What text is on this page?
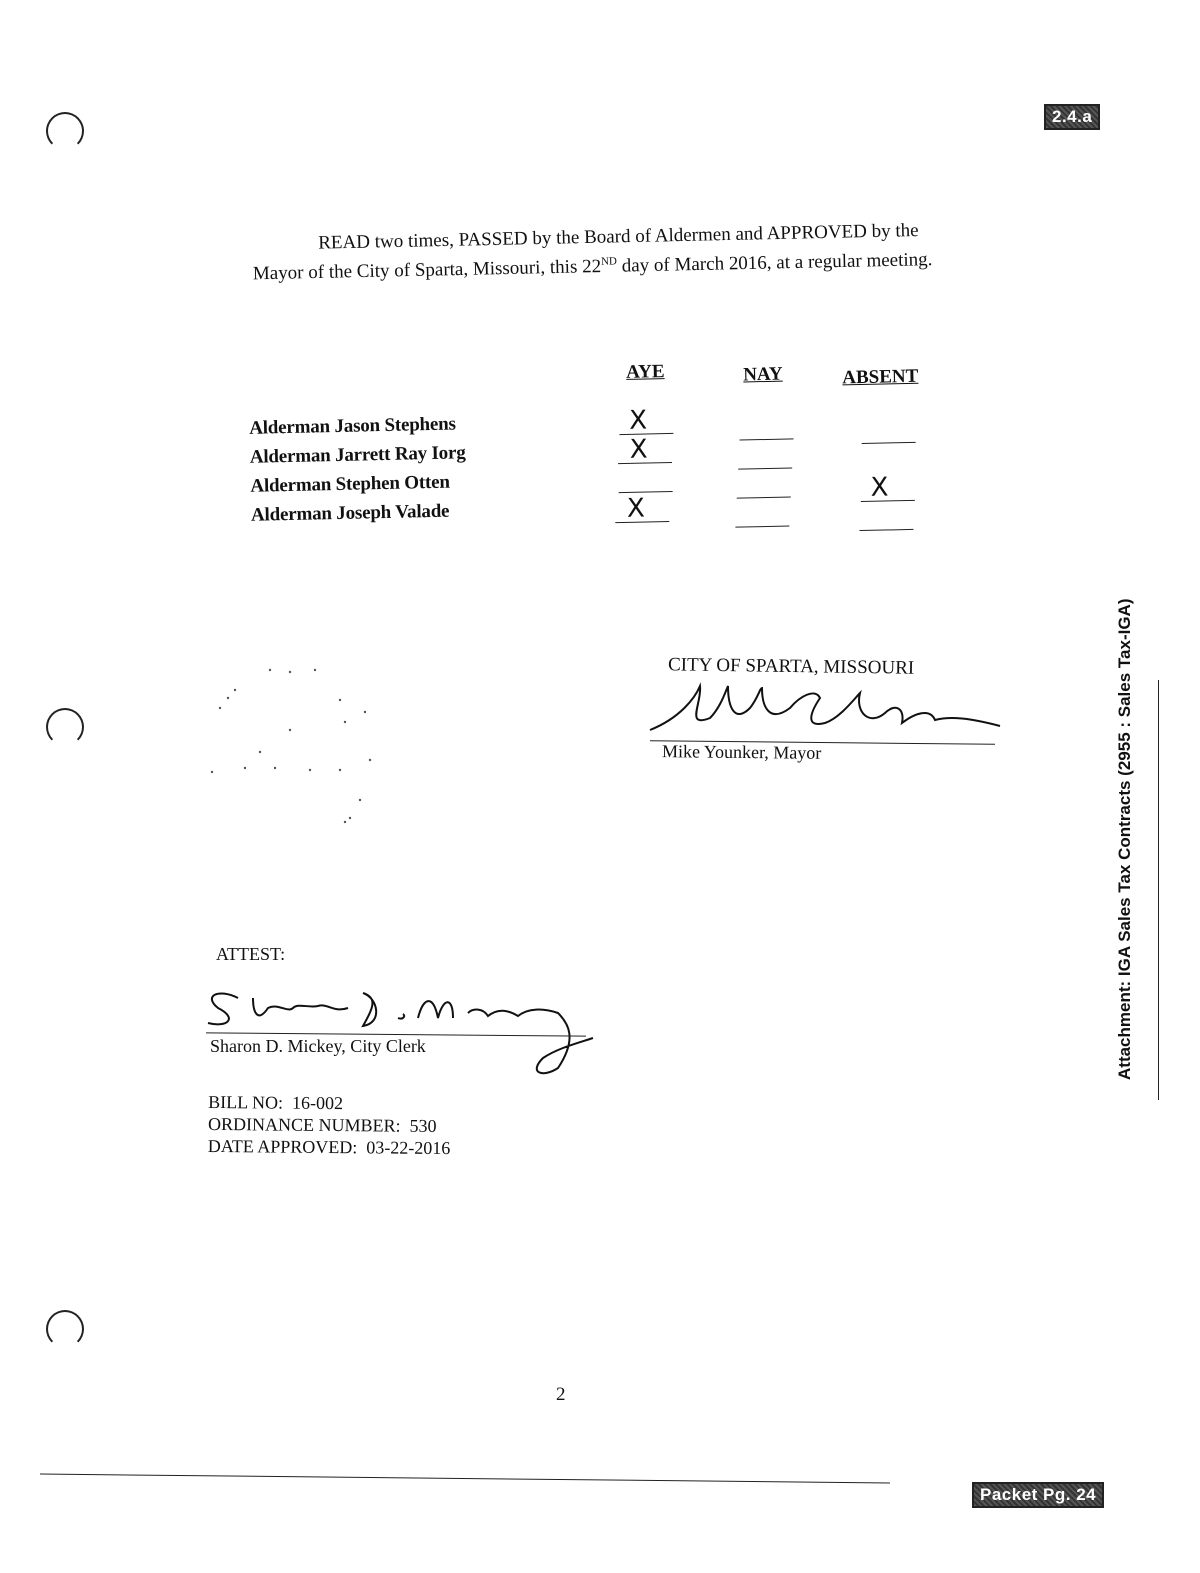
2.4.a
Packet Pg. 24
READ two times, PASSED by the Board of Aldermen and APPROVED by the Mayor of the City of Sparta, Missouri, this 22ND day of March 2016, at a regular meeting.
AYE	NAY	ABSENT
Alderman Jason Stephens
Alderman Jarrett Ray Iorg
Alderman Stephen Otten
Alderman Joseph Valade
X
X
X
X
CITY OF SPARTA, MISSOURI
Mike Younker, Mayor
ATTEST:
Sharon D. Mickey, City Clerk
BILL NO: 16-002
ORDINANCE NUMBER: 530
DATE APPROVED: 03-22-2016
2
Attachment: IGA Sales Tax Contracts (2955 : Sales Tax-IGA)
